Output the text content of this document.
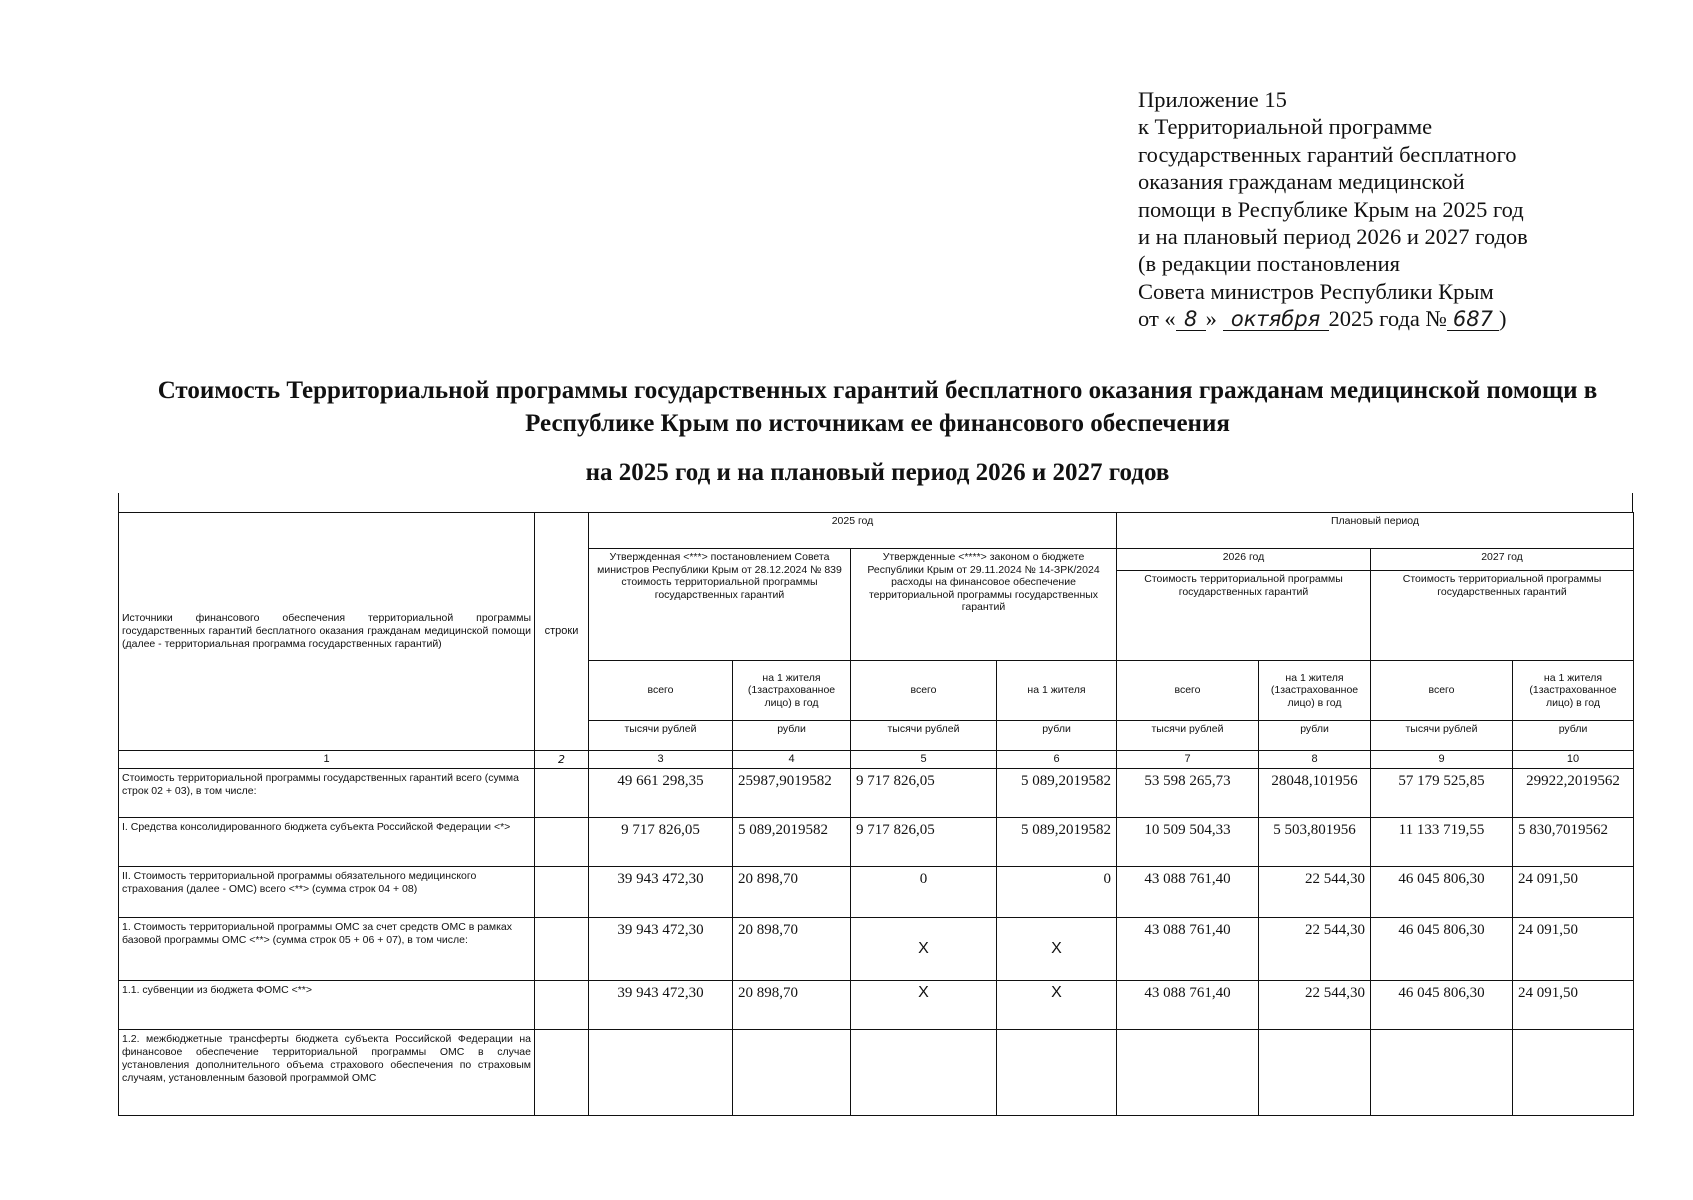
Приложение 15
к Территориальной программе
государственных гарантий бесплатного
оказания гражданам медицинской
помощи в Республике Крым на 2025 год
и на плановый период 2026 и 2027 годов
(в редакции постановления
Совета министров Республики Крым
от « 8 » октября 2025 года № 687 )
Стоимость Территориальной программы государственных гарантий бесплатного оказания гражданам медицинской помощи в Республике Крым по источникам ее финансового обеспечения
на 2025 год и на плановый период 2026 и 2027 годов
Источники финансового обеспечения территориальной программы государственных гарантий бесплатного оказания гражданам медицинской помощи (далее - территориальная программа государственных гарантий)	строки	2025 год				Плановый период			
		Утвержденная <***> постановлением Совета министров Республики Крым от 28.12.2024 № 839 стоимость территориальной программы государственных гарантий		Утвержденные <****> законом о бюджете Республики Крым от 29.11.2024 № 14-ЗРК/2024 расходы на финансовое обеспечение территориальной программы государственных гарантий		2026 год		2027 год	
						Стоимость территориальной программы государственных гарантий		Стоимость территориальной программы государственных гарантий	
		всего	на 1 жителя (1застрахованное лицо) в год	всего	на 1 жителя	всего	на 1 жителя (1застрахованное лицо) в год	всего	на 1 жителя (1застрахованное лицо) в год
		тысячи рублей	рубли	тысячи рублей	рубли	тысячи рублей	рубли	тысячи рублей	рубли
1	2	3	4	5	6	7	8	9	10
Стоимость территориальной программы государственных гарантий всего (сумма строк 02 + 03), в том числе:		49 661 298,35	25987,9019582	9 717 826,05	5 089,2019582	53 598 265,73	28048,101956	57 179 525,85	29922,2019562
I. Средства консолидированного бюджета субъекта Российской Федерации <*>		9 717 826,05	5 089,2019582	9 717 826,05	5 089,2019582	10 509 504,33	5 503,801956	11 133 719,55	5 830,7019562
II. Стоимость территориальной программы обязательного медицинского страхования (далее - ОМС) всего <**> (сумма строк 04 + 08)		39 943 472,30	20 898,70	0	0	43 088 761,40	22 544,30	46 045 806,30	24 091,50
1. Стоимость территориальной программы ОМС за счет средств ОМС в рамках базовой программы ОМС <**> (сумма строк 05 + 06 + 07), в том числе:		39 943 472,30	20 898,70	X	X	43 088 761,40	22 544,30	46 045 806,30	24 091,50
1.1. субвенции из бюджета ФОМС <**>		39 943 472,30	20 898,70	X	X	43 088 761,40	22 544,30	46 045 806,30	24 091,50
1.2. межбюджетные трансферты бюджета субъекта Российской Федерации на финансовое обеспечение территориальной программы ОМС в случае установления дополнительного объема страхового обеспечения по страховым случаям, установленным базовой программой ОМС									
